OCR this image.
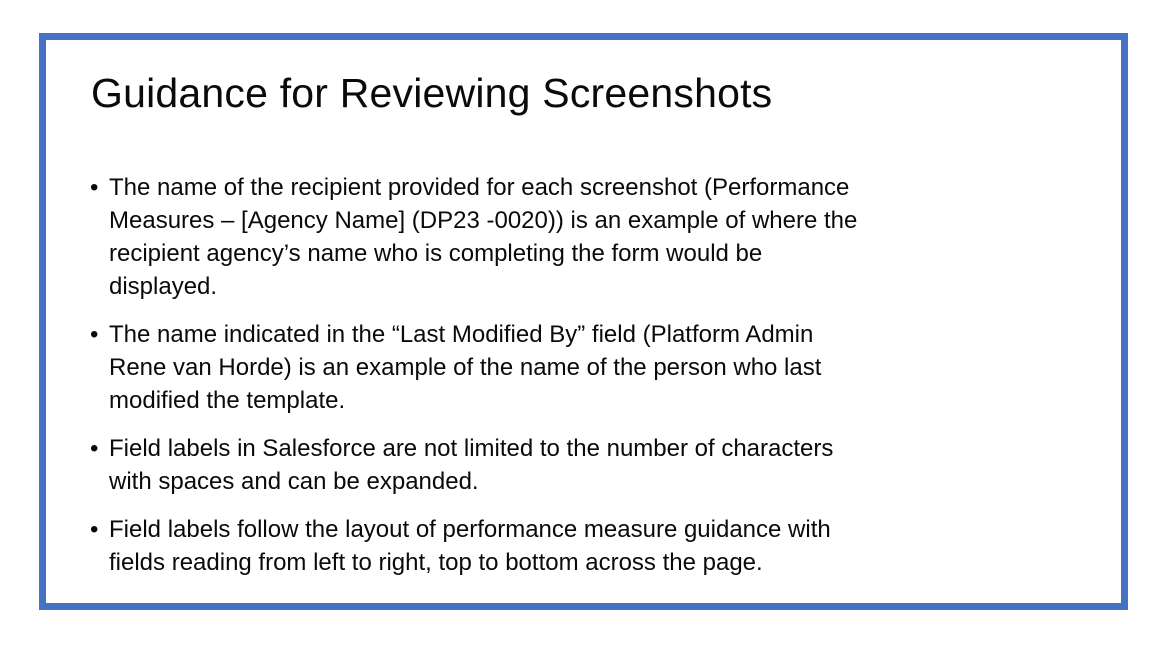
Guidance for Reviewing Screenshots
• The name of the recipient provided for each screenshot (Performance
Measures – [Agency Name] (DP23 -0020)) is an example of where the
recipient agency’s name who is completing the form would be
displayed.
• The name indicated in the “Last Modified By” field (Platform Admin
Rene van Horde) is an example of the name of the person who last
modified the template.
• Field labels in Salesforce are not limited to the number of characters
with spaces and can be expanded.
• Field labels follow the layout of performance measure guidance with
fields reading from left to right, top to bottom across the page.
